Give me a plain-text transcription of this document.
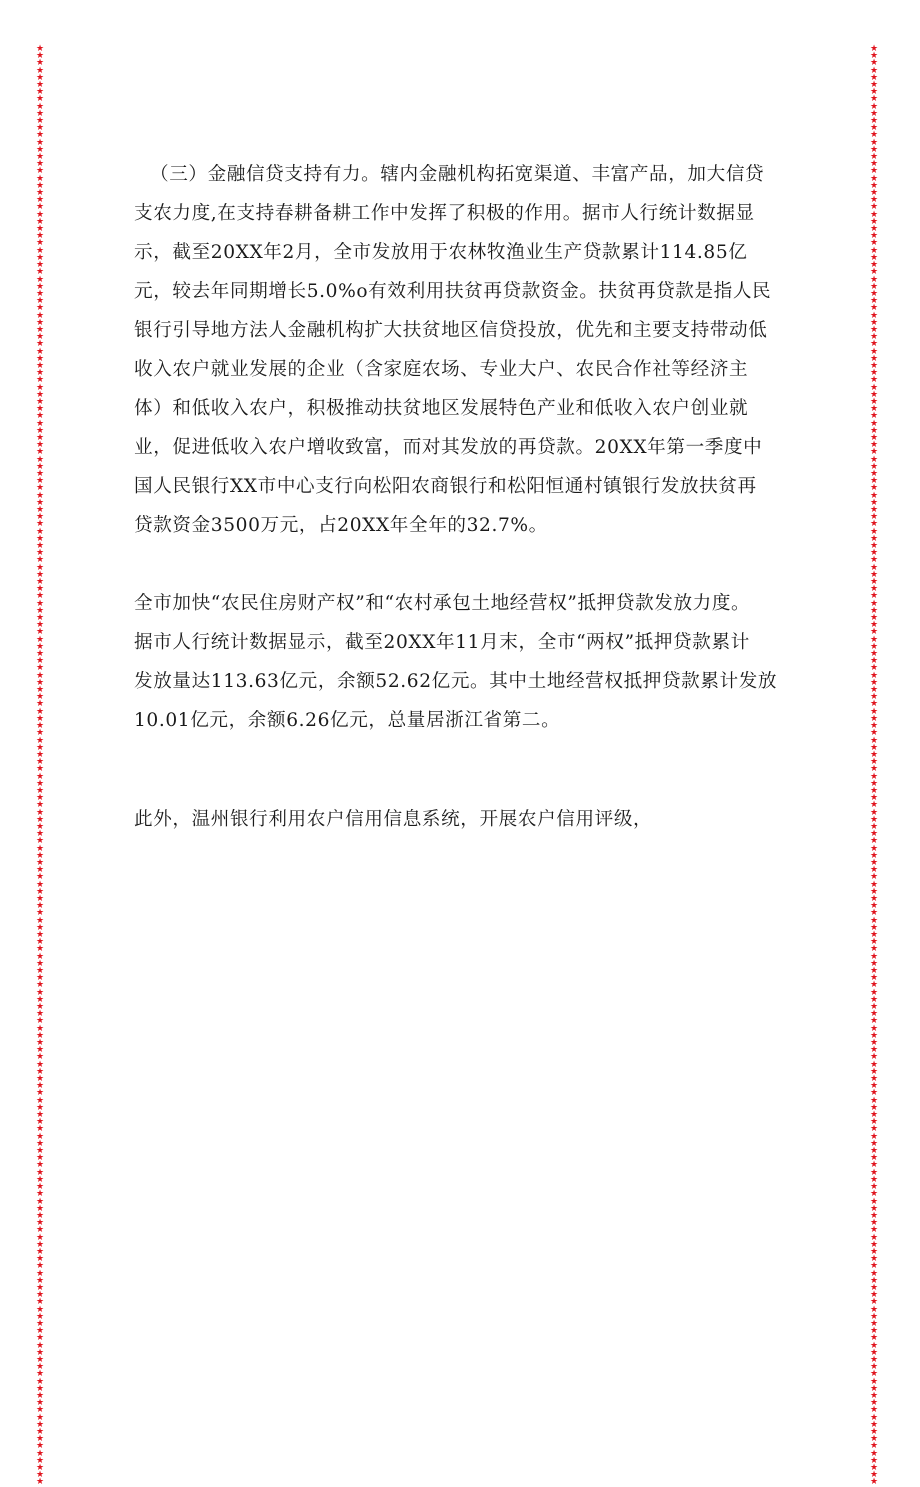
★★★★★★★★★★★★★★★★★★★★★★★★★★★★★★★★★★★★★★★★★★★★★★★★★★★★★★★★★★★★★★★★★★★★★★★★★★★★★★★★★★★★★★★★★★★★★★★★★★★★★★★★★★★★★★★★★★★★★★★★★★★★★★★★★★★★★★★★★★★★★★★★★★★★★★★★★★★★★★★★★★★★★★★★★★★★★★★★★★★★★★★★★★★★★★★★★★★★★★★★
★★★★★★★★★★★★★★★★★★★★★★★★★★★★★★★★★★★★★★★★★★★★★★★★★★★★★★★★★★★★★★★★★★★★★★★★★★★★★★★★★★★★★★★★★★★★★★★★★★★★★★★★★★★★★★★★★★★★★★★★★★★★★★★★★★★★★★★★★★★★★★★★★★★★★★★★★★★★★★★★★★★★★★★★★★★★★★★★★★★★★★★★★★★★★★★★★★★★★★★★

（三）金融信贷支持有力。辖内金融机构拓宽渠道、丰富产品，加大信贷
支农力度,在支持春耕备耕工作中发挥了积极的作用。据市人行统计数据显
示，截至20XX年2月，全市发放用于农林牧渔业生产贷款累计114.85亿
元，较去年同期增长5.0%o有效利用扶贫再贷款资金。扶贫再贷款是指人民
银行引导地方法人金融机构扩大扶贫地区信贷投放，优先和主要支持带动低
收入农户就业发展的企业（含家庭农场、专业大户、农民合作社等经济主
体）和低收入农户，积极推动扶贫地区发展特色产业和低收入农户创业就
业，促进低收入农户增收致富，而对其发放的再贷款。20XX年第一季度中
国人民银行XX市中心支行向松阳农商银行和松阳恒通村镇银行发放扶贫再
贷款资金3500万元，占20XX年全年的32.7%。

全市加快“农民住房财产权”和“农村承包土地经营权”抵押贷款发放力度。
据市人行统计数据显示，截至20XX年11月末，全市“两权”抵押贷款累计
发放量达113.63亿元，余额52.62亿元。其中土地经营权抵押贷款累计发放
10.01亿元，余额6.26亿元，总量居浙江省第二。

此外，温州银行利用农户信用信息系统，开展农户信用评级，
